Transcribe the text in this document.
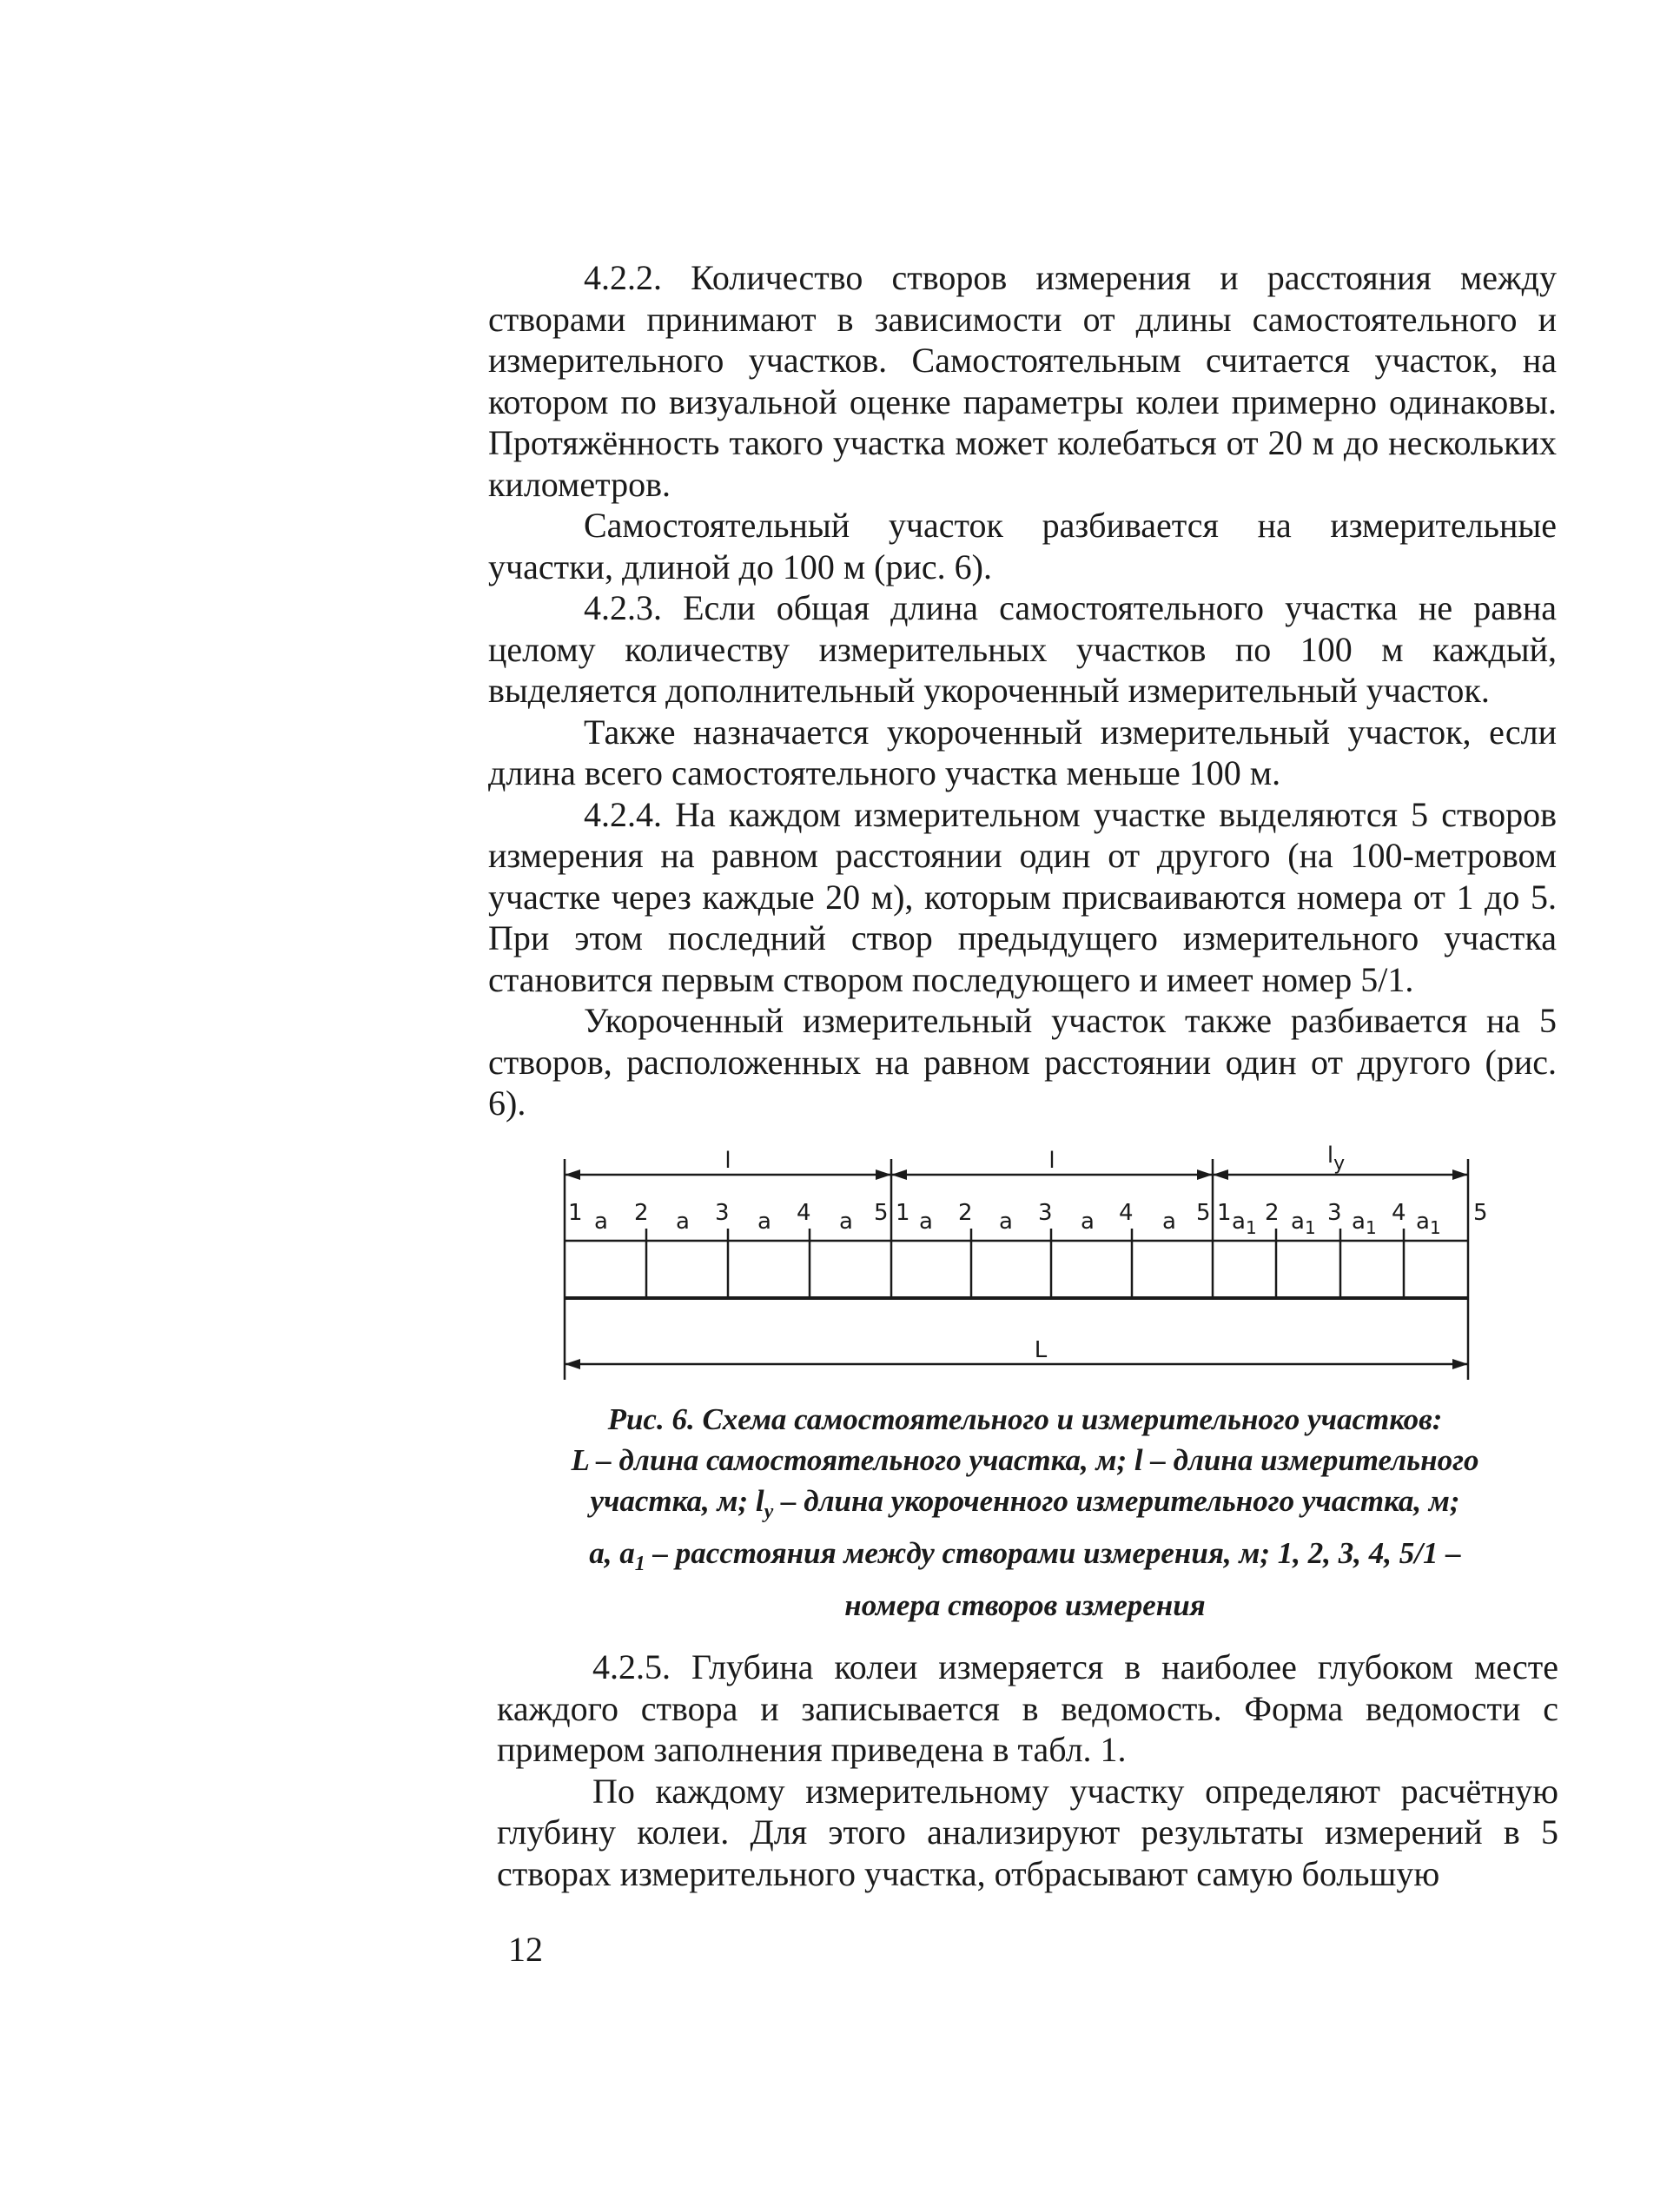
4.2.2. Количество створов измерения и расстояния между створами принимают в зависимости от длины самостоятельного и измерительного участков. Самостоятельным считается участок, на котором по визуальной оценке параметры колеи примерно одинаковы. Протяжённость такого участка может колебаться от 20 м до нескольких километров.

Самостоятельный участок разбивается на измерительные участки, длиной до 100 м (рис. 6).

4.2.3. Если общая длина самостоятельного участка не равна целому количеству измерительных участков по 100 м каждый, выделяется дополнительный укороченный измерительный участок.

Также назначается укороченный измерительный участок, если длина всего самостоятельного участка меньше 100 м.

4.2.4. На каждом измерительном участке выделяются 5 створов измерения на равном расстоянии один от другого (на 100-метровом участке через каждые 20 м), которым присваиваются номера от 1 до 5. При этом последний створ предыдущего измерительного участка становится первым створом последующего и имеет номер 5/1.

Укороченный измерительный участок также разбивается на 5 створов, расположенных на равном расстоянии один от другого (рис. 6).

l	l	$l_y$
L
1 a 2 a 3 a 4 a 5 1 a 2 a 3 a 4 a 5 1 $a_1$
2 $a_1$
3 $a_1$
4 $a_1$
5
Рис. 6. Схема самостоятельного и измерительного участков:
L – длина самостоятельного участка, м; l – длина измерительного
участка, м; $l_y$ – длина укороченного измерительного участка, м;
a, $a_1$ – расстояния между створами измерения, м; 1, 2, 3, 4, 5/1 –
номера створов измерения

4.2.5. Глубина колеи измеряется в наиболее глубоком месте каждого створа и записывается в ведомость. Форма ведомости с примером заполнения приведена в табл. 1.

По каждому измерительному участку определяют расчётную глубину колеи. Для этого анализируют результаты измерений в 5 створах измерительного участка, отбрасывают самую большую

12
